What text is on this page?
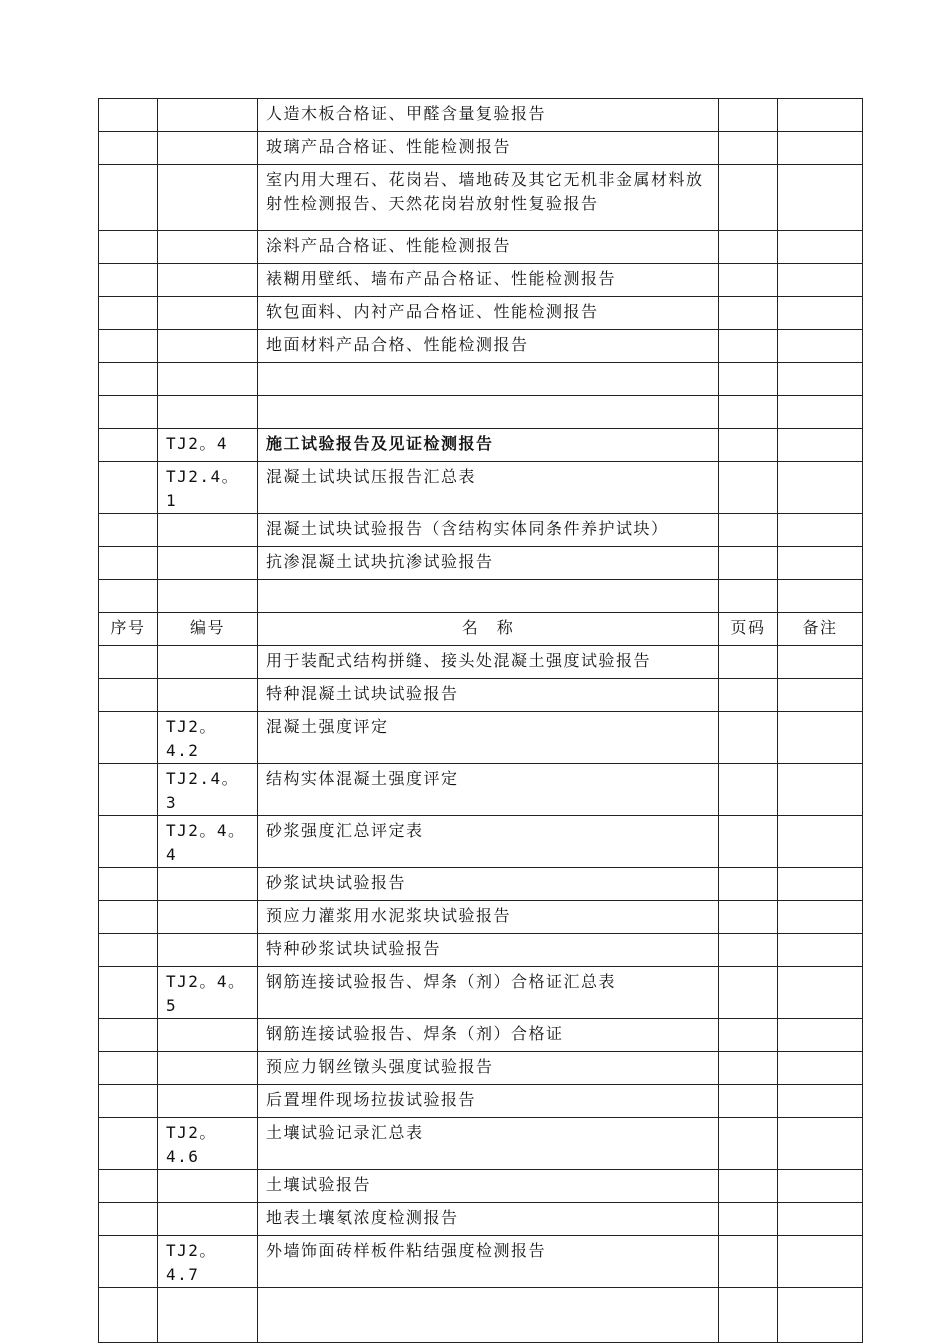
		人造木板合格证、甲醛含量复验报告		
		玻璃产品合格证、性能检测报告		
		室内用大理石、花岗岩、墙地砖及其它无机非金属材料放射性检测报告、天然花岗岩放射性复验报告		
		涂料产品合格证、性能检测报告		
		裱糊用壁纸、墙布产品合格证、性能检测报告		
		软包面料、内衬产品合格证、性能检测报告		
		地面材料产品合格、性能检测报告		

	TJ2。4	施工试验报告及见证检测报告		
	TJ2.4。1	混凝土试块试压报告汇总表		
		混凝土试块试验报告（含结构实体同条件养护试块）		
		抗渗混凝土试块抗渗试验报告		

序号	编号	名　称	页码	备注
		用于装配式结构拼缝、接头处混凝土强度试验报告		
		特种混凝土试块试验报告		
	TJ2。4.2	混凝土强度评定		
	TJ2.4。3	结构实体混凝土强度评定		
	TJ2。4。4	砂浆强度汇总评定表		
		砂浆试块试验报告		
		预应力灌浆用水泥浆块试验报告		
		特种砂浆试块试验报告		
	TJ2。4。5	钢筋连接试验报告、焊条（剂）合格证汇总表		
		钢筋连接试验报告、焊条（剂）合格证		
		预应力钢丝镦头强度试验报告		
		后置埋件现场拉拔试验报告		
	TJ2。4.6	土壤试验记录汇总表		
		土壤试验报告		
		地表土壤氡浓度检测报告		
	TJ2。4.7	外墙饰面砖样板件粘结强度检测报告		
